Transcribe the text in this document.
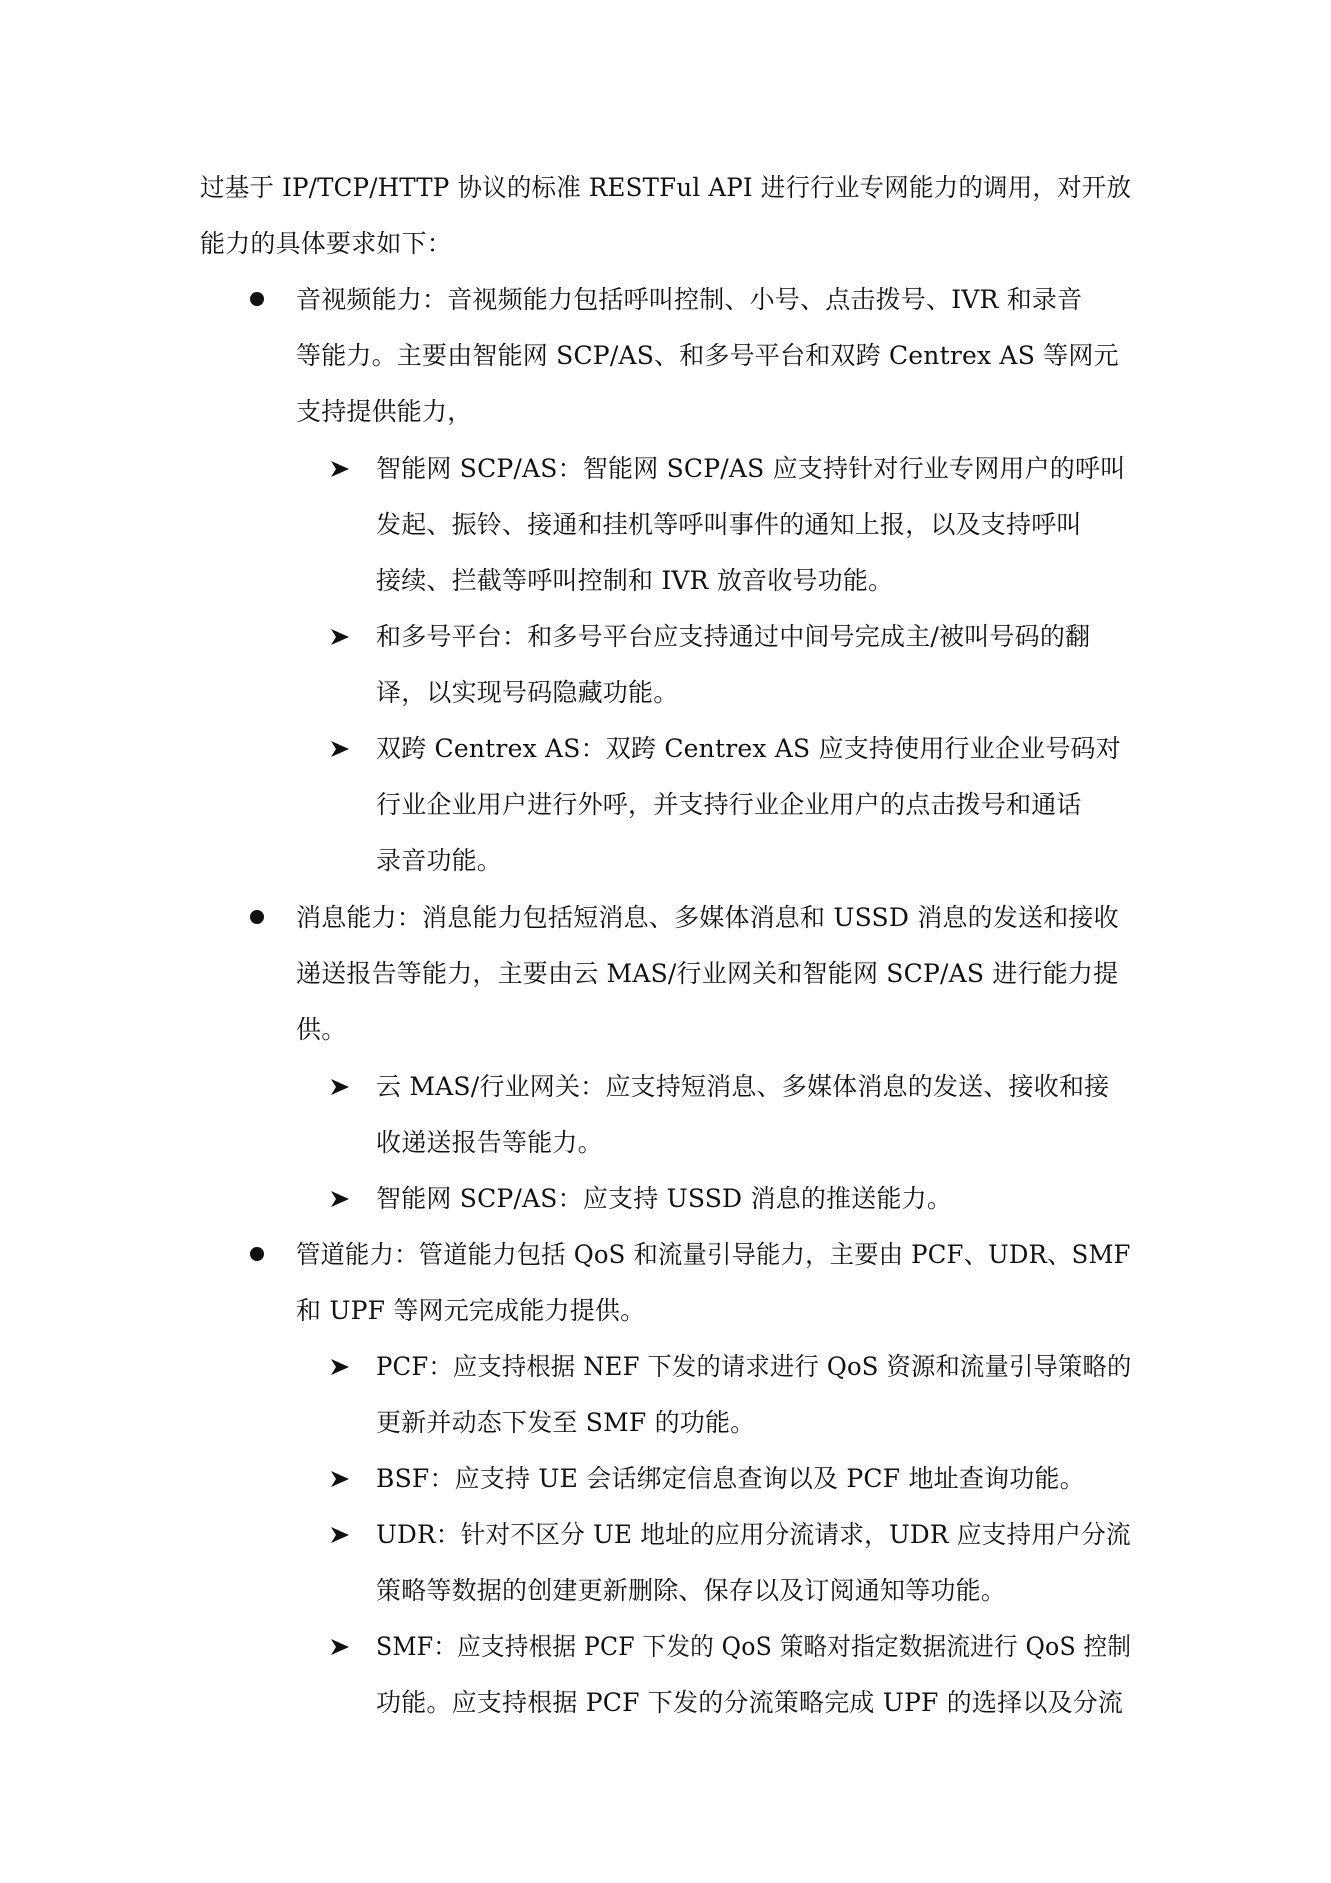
过基于 IP/TCP/HTTP 协议的标准 RESTFul API 进行行业专网能力的调用，对开放
能力的具体要求如下：
音视频能力：音视频能力包括呼叫控制、小号、点击拨号、IVR 和录音
等能力。主要由智能网 SCP/AS、和多号平台和双跨 Centrex AS 等网元
支持提供能力，
智能网 SCP/AS：智能网 SCP/AS 应支持针对行业专网用户的呼叫
发起、振铃、接通和挂机等呼叫事件的通知上报，以及支持呼叫
接续、拦截等呼叫控制和 IVR 放音收号功能。
和多号平台：和多号平台应支持通过中间号完成主/被叫号码的翻
译，以实现号码隐藏功能。
双跨 Centrex AS：双跨 Centrex AS 应支持使用行业企业号码对
行业企业用户进行外呼，并支持行业企业用户的点击拨号和通话
录音功能。
消息能力：消息能力包括短消息、多媒体消息和 USSD 消息的发送和接收
递送报告等能力，主要由云 MAS/行业网关和智能网 SCP/AS 进行能力提
供。
云 MAS/行业网关：应支持短消息、多媒体消息的发送、接收和接
收递送报告等能力。
智能网 SCP/AS：应支持 USSD 消息的推送能力。
管道能力：管道能力包括 QoS 和流量引导能力，主要由 PCF、UDR、SMF
和 UPF 等网元完成能力提供。
PCF：应支持根据 NEF 下发的请求进行 QoS 资源和流量引导策略的
更新并动态下发至 SMF 的功能。
BSF：应支持 UE 会话绑定信息查询以及 PCF 地址查询功能。
UDR：针对不区分 UE 地址的应用分流请求，UDR 应支持用户分流
策略等数据的创建更新删除、保存以及订阅通知等功能。
SMF：应支持根据 PCF 下发的 QoS 策略对指定数据流进行 QoS 控制
功能。应支持根据 PCF 下发的分流策略完成 UPF 的选择以及分流
